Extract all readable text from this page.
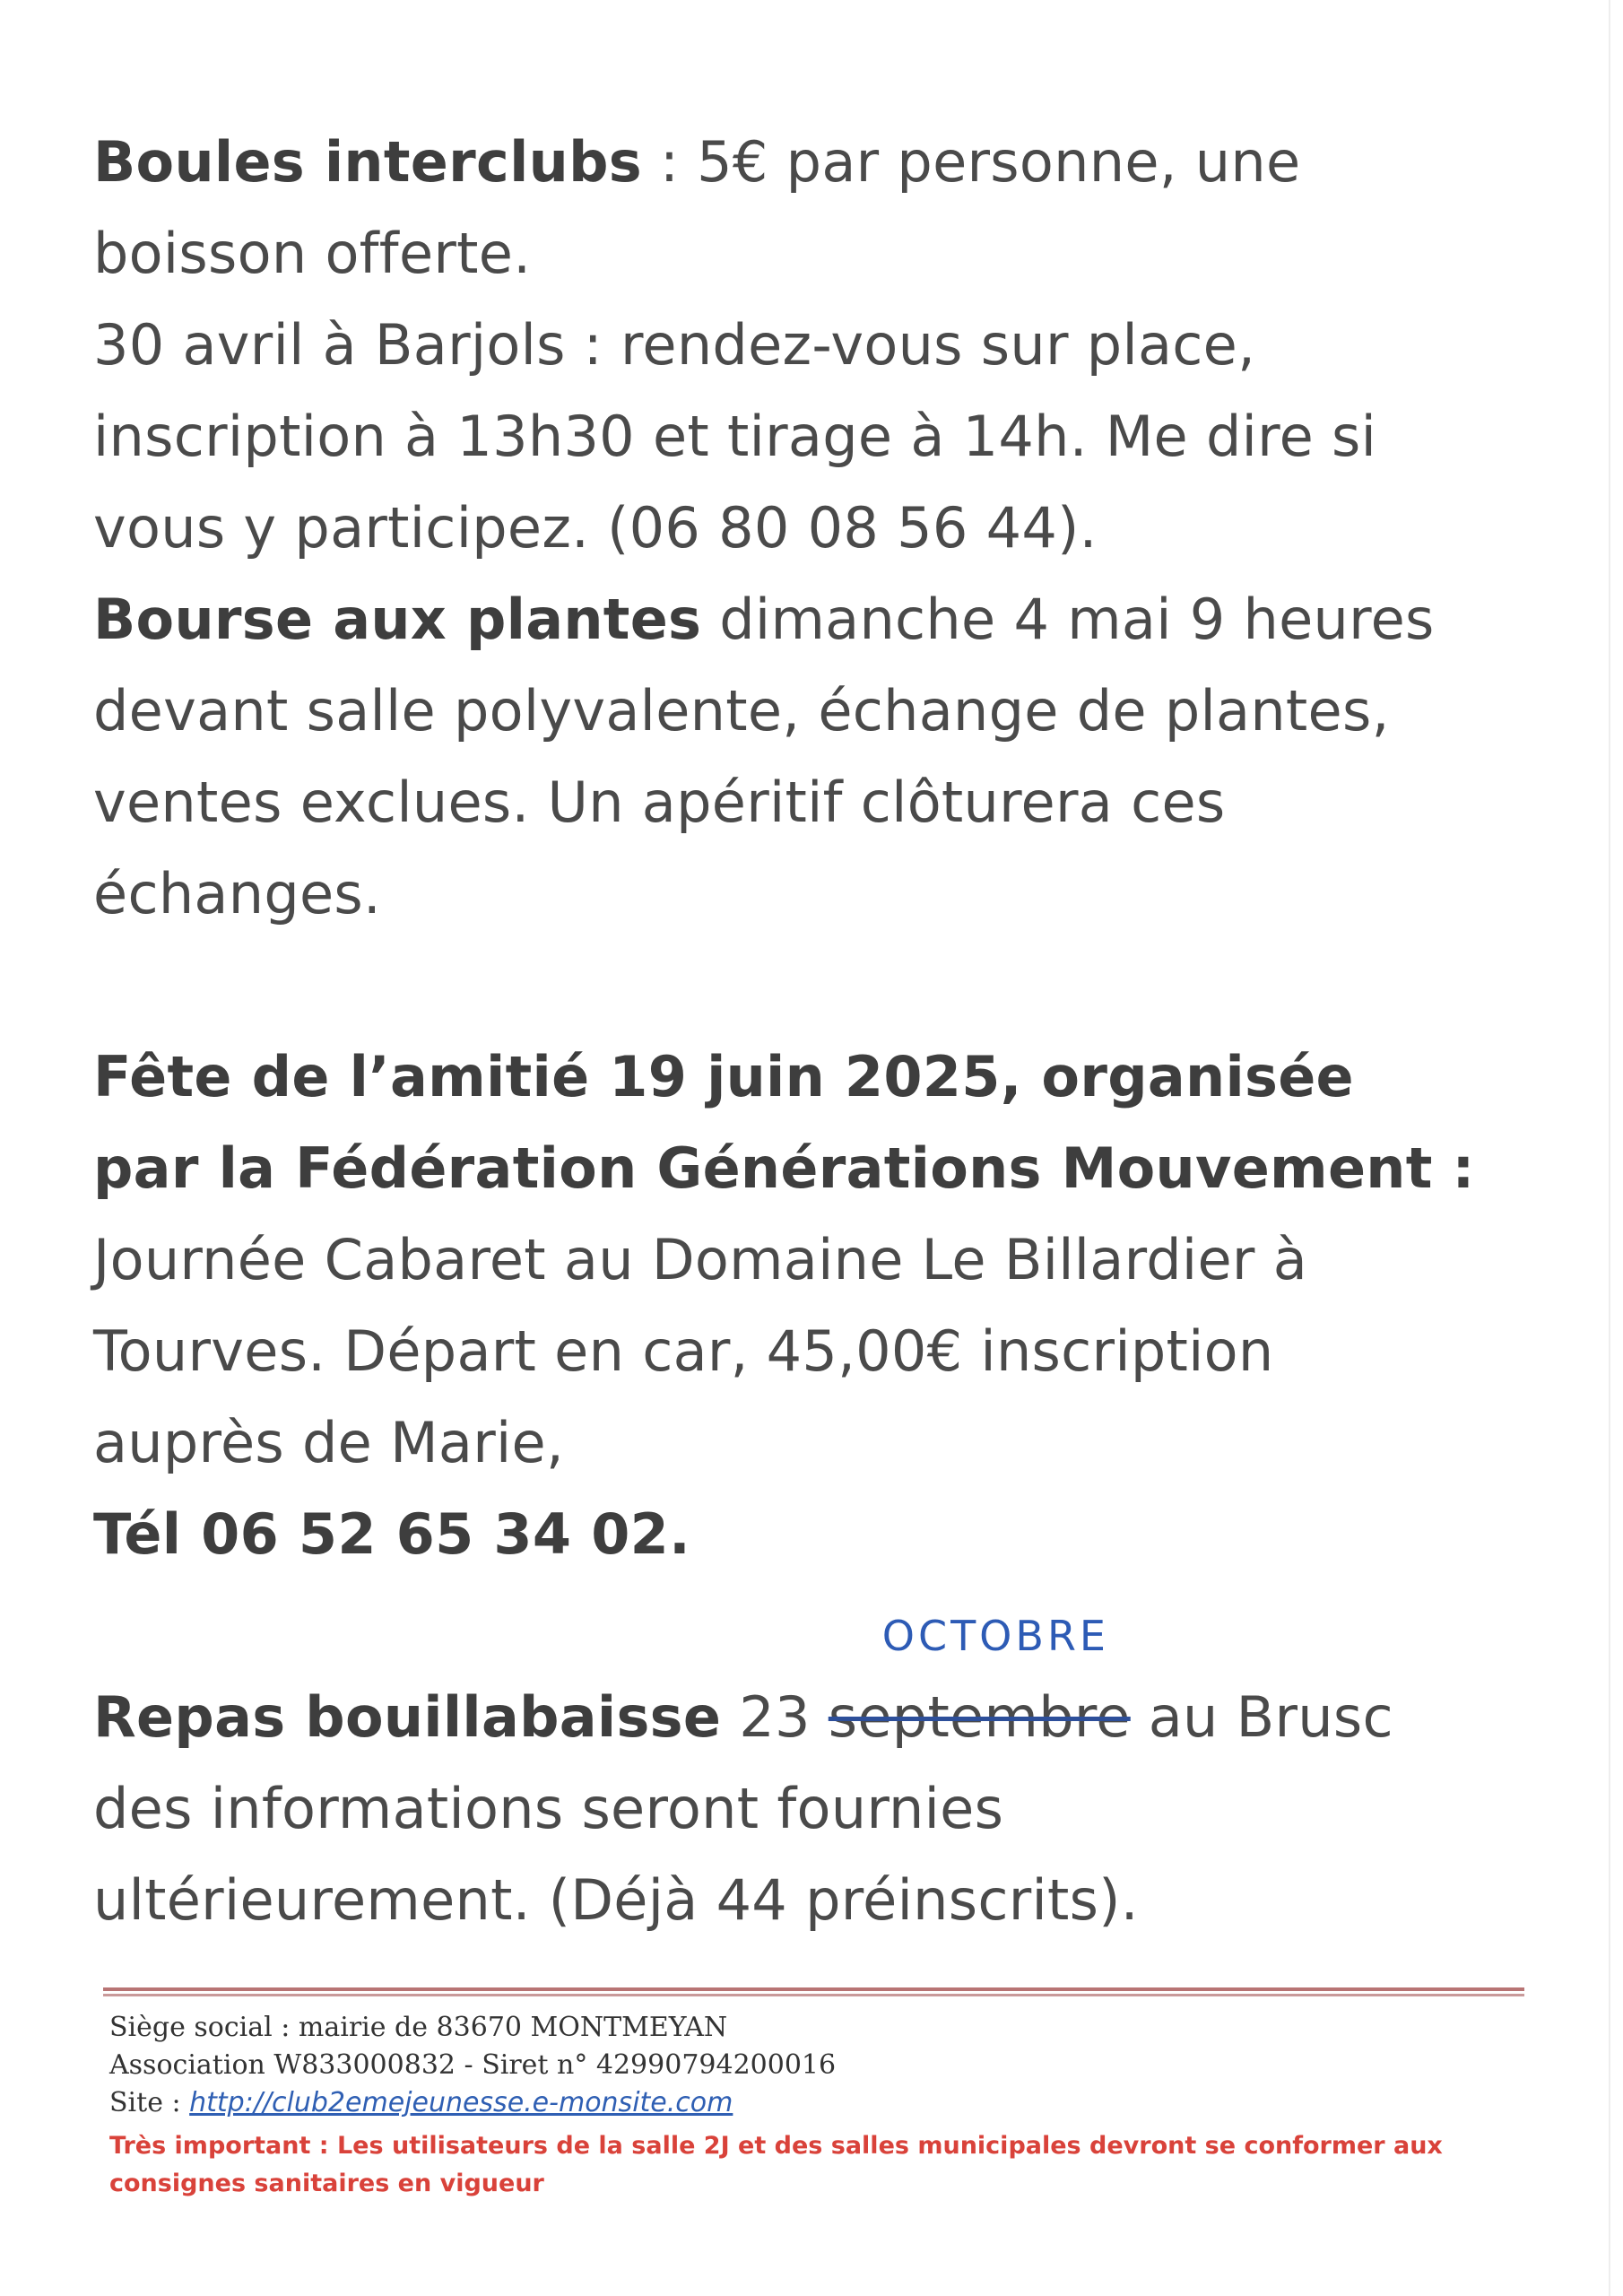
Boules interclubs : 5€ par personne, une

boisson offerte.

30 avril à Barjols : rendez-vous sur place,

inscription à 13h30 et tirage à 14h. Me dire si

vous y participez. (06 80 08 56 44).

Bourse aux plantes dimanche 4 mai 9 heures

devant salle polyvalente, échange de plantes,

ventes exclues. Un apéritif clôturera ces

échanges.

Fête de l’amitié 19 juin 2025, organisée

par la Fédération Générations Mouvement :

Journée Cabaret au Domaine Le Billardier à

Tourves. Départ en car, 45,00€ inscription

auprès de Marie,

Tél 06 52 65 34 02.

Repas bouillabaisse 23 septembre
OCTOBRE
au Brusc

des informations seront fournies

ultérieurement. (Déjà 44 préinscrits).

Siège social : mairie de 83670 MONTMEYAN

Association W833000832 - Siret n° 42990794200016

Site : http://club2emejeunesse.e-monsite.com

Très important : Les utilisateurs de la salle 2J et des salles municipales devront se conformer aux

consignes sanitaires en vigueur
